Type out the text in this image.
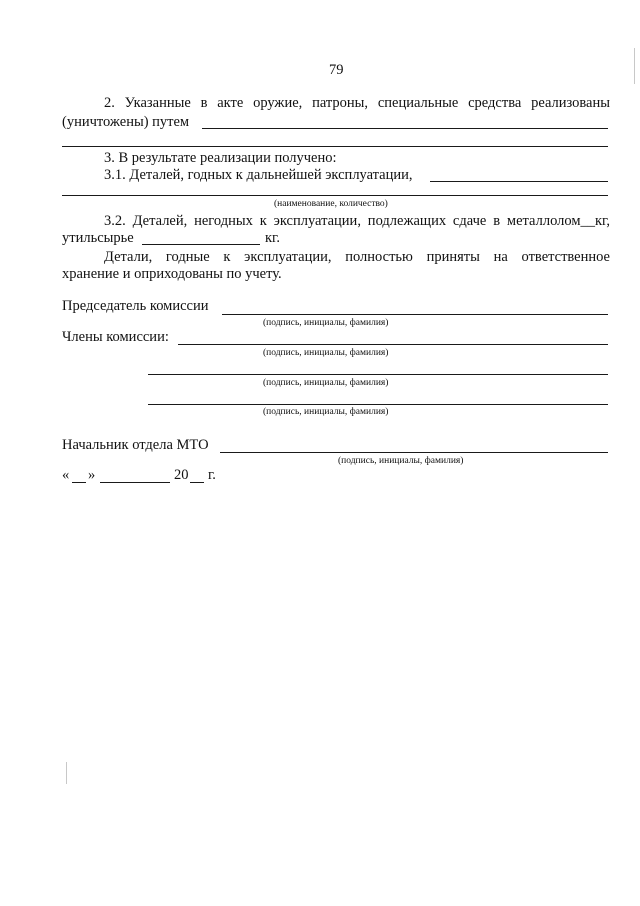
79
2. Указанные в акте оружие, патроны, специальные средства реализованы
(уничтожены) путем
3. В результате реализации получено:
3.1. Деталей, годных к дальнейшей эксплуатации,
(наименование, количество)
3.2. Деталей, негодных к эксплуатации, подлежащих сдаче в металлолом__кг,
утильсырье	кг.
Детали, годные к эксплуатации, полностью приняты на ответственное
хранение и оприходованы по учету.
Председатель комиссии
(подпись, инициалы, фамилия)
Члены комиссии:
(подпись, инициалы, фамилия)
(подпись, инициалы, фамилия)
(подпись, инициалы, фамилия)
Начальник отдела МТО
(подпись, инициалы, фамилия)
« »	20 г.
